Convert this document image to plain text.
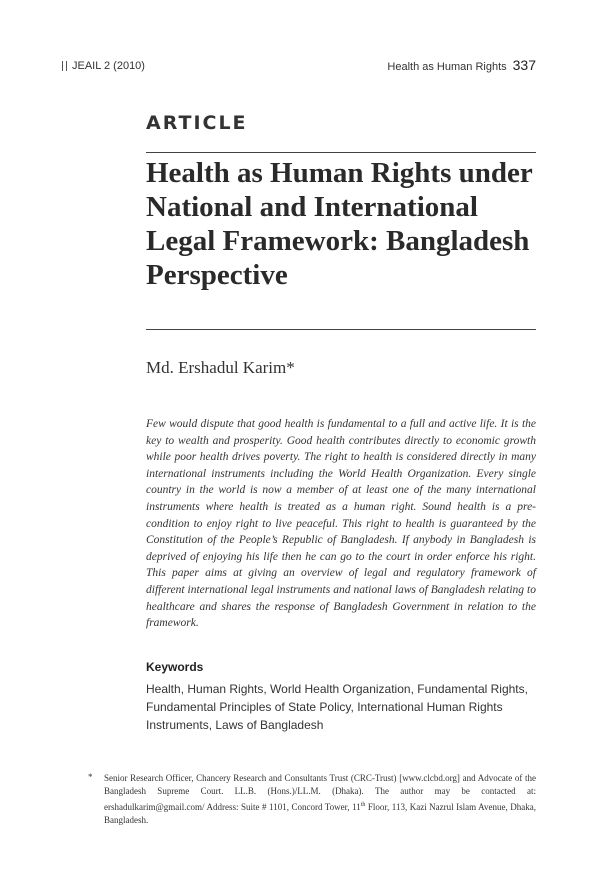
JEAIL 2 (2010)	Health as Human Rights 337
ARTICLE
Health as Human Rights under National and International Legal Framework: Bangladesh Perspective
Md. Ershadul Karim*

Few would dispute that good health is fundamental to a full and active life. It is the key to wealth and prosperity. Good health contributes directly to economic growth while poor health drives poverty. The right to health is considered directly in many international instruments including the World Health Organization. Every single country in the world is now a member of at least one of the many international instruments where health is treated as a human right. Sound health is a pre-condition to enjoy right to live peaceful. This right to health is guaranteed by the Constitution of the People’s Republic of Bangladesh. If anybody in Bangladesh is deprived of enjoying his life then he can go to the court in order enforce his right. This paper aims at giving an overview of legal and regulatory framework of different international legal instruments and national laws of Bangladesh relating to healthcare and shares the response of Bangladesh Government in relation to the framework.

Keywords

Health, Human Rights, World Health Organization, Fundamental Rights, Fundamental Principles of State Policy, International Human Rights Instruments, Laws of Bangladesh

* Senior Research Officer, Chancery Research and Consultants Trust (CRC-Trust) [www.clcbd.org] and Advocate of the Bangladesh Supreme Court. LL.B. (Hons.)/LL.M. (Dhaka). The author may be contacted at: ershadulkarim@gmail.com/ Address: Suite # 1101, Concord Tower, 11th Floor, 113, Kazi Nazrul Islam Avenue, Dhaka, Bangladesh.
